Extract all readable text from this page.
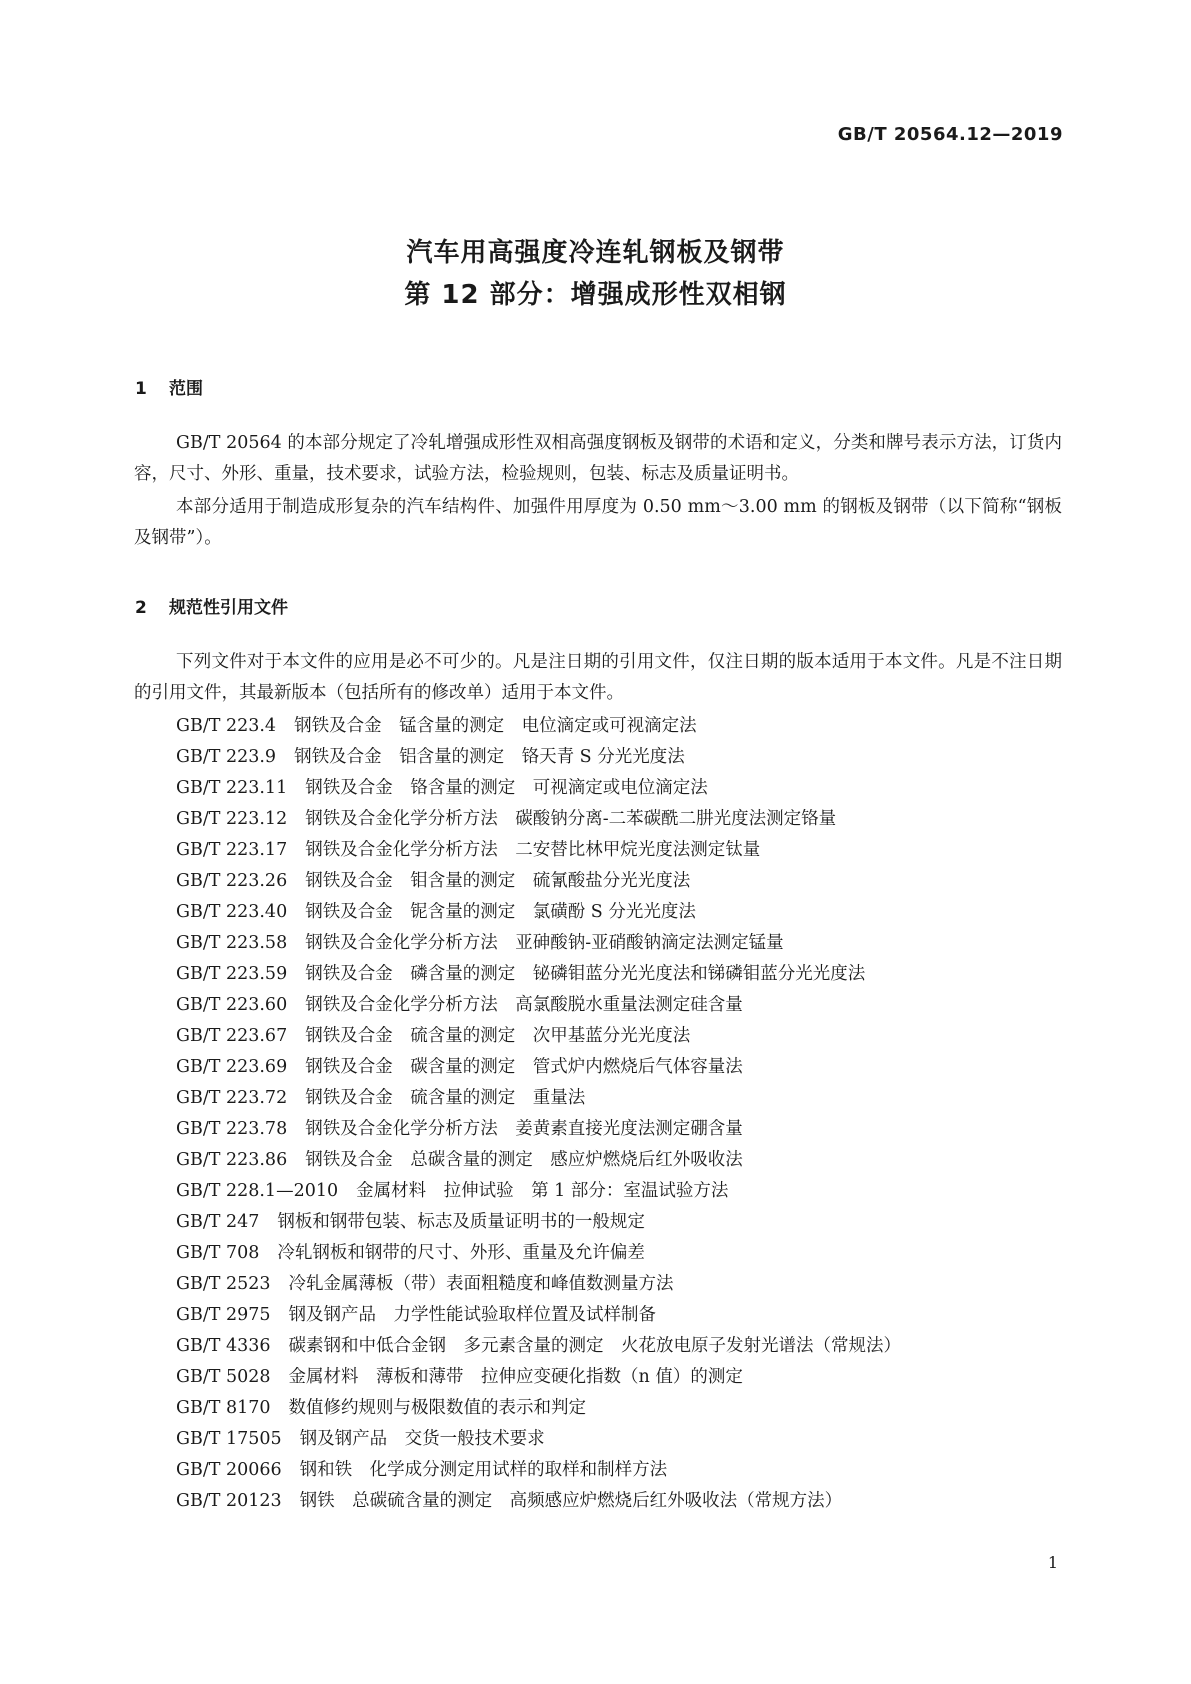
GB/T 20564.12—2019
汽车用高强度冷连轧钢板及钢带
第 12 部分：增强成形性双相钢
1 范围
GB/T 20564 的本部分规定了冷轧增强成形性双相高强度钢板及钢带的术语和定义，分类和牌号表示方法，订货内容，尺寸、外形、重量，技术要求，试验方法，检验规则，包装、标志及质量证明书。
本部分适用于制造成形复杂的汽车结构件、加强件用厚度为 0.50 mm～3.00 mm 的钢板及钢带（以下简称“钢板及钢带”）。
2 规范性引用文件
下列文件对于本文件的应用是必不可少的。凡是注日期的引用文件，仅注日期的版本适用于本文件。凡是不注日期的引用文件，其最新版本（包括所有的修改单）适用于本文件。
GB/T 223.4 钢铁及合金　锰含量的测定　电位滴定或可视滴定法
GB/T 223.9 钢铁及合金　铝含量的测定　铬天青 S 分光光度法
GB/T 223.11 钢铁及合金　铬含量的测定　可视滴定或电位滴定法
GB/T 223.12 钢铁及合金化学分析方法　碳酸钠分离-二苯碳酰二肼光度法测定铬量
GB/T 223.17 钢铁及合金化学分析方法　二安替比林甲烷光度法测定钛量
GB/T 223.26 钢铁及合金　钼含量的测定　硫氰酸盐分光光度法
GB/T 223.40 钢铁及合金　铌含量的测定　氯磺酚 S 分光光度法
GB/T 223.58 钢铁及合金化学分析方法　亚砷酸钠-亚硝酸钠滴定法测定锰量
GB/T 223.59 钢铁及合金　磷含量的测定　铋磷钼蓝分光光度法和锑磷钼蓝分光光度法
GB/T 223.60 钢铁及合金化学分析方法　高氯酸脱水重量法测定硅含量
GB/T 223.67 钢铁及合金　硫含量的测定　次甲基蓝分光光度法
GB/T 223.69 钢铁及合金　碳含量的测定　管式炉内燃烧后气体容量法
GB/T 223.72 钢铁及合金　硫含量的测定　重量法
GB/T 223.78 钢铁及合金化学分析方法　姜黄素直接光度法测定硼含量
GB/T 223.86 钢铁及合金　总碳含量的测定　感应炉燃烧后红外吸收法
GB/T 228.1—2010 金属材料　拉伸试验　第 1 部分：室温试验方法
GB/T 247 钢板和钢带包装、标志及质量证明书的一般规定
GB/T 708 冷轧钢板和钢带的尺寸、外形、重量及允许偏差
GB/T 2523 冷轧金属薄板（带）表面粗糙度和峰值数测量方法
GB/T 2975 钢及钢产品　力学性能试验取样位置及试样制备
GB/T 4336 碳素钢和中低合金钢　多元素含量的测定　火花放电原子发射光谱法（常规法）
GB/T 5028 金属材料　薄板和薄带　拉伸应变硬化指数（n 值）的测定
GB/T 8170 数值修约规则与极限数值的表示和判定
GB/T 17505 钢及钢产品　交货一般技术要求
GB/T 20066 钢和铁　化学成分测定用试样的取样和制样方法
GB/T 20123 钢铁　总碳硫含量的测定　高频感应炉燃烧后红外吸收法（常规方法）
1
